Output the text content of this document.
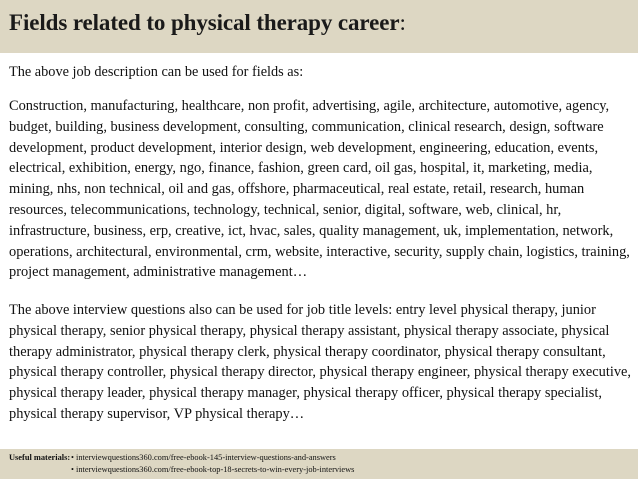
Fields related to physical therapy career:
The above job description can be used for fields as:
Construction, manufacturing, healthcare, non profit, advertising, agile, architecture, automotive, agency, budget, building, business development, consulting, communication, clinical research, design, software development, product development, interior design, web development, engineering, education, events, electrical, exhibition, energy, ngo, finance, fashion, green card, oil gas, hospital, it, marketing, media, mining, nhs, non technical, oil and gas, offshore, pharmaceutical, real estate, retail, research, human resources, telecommunications, technology, technical, senior, digital, software, web, clinical, hr, infrastructure, business, erp, creative, ict, hvac, sales, quality management, uk, implementation, network, operations, architectural, environmental, crm, website, interactive, security, supply chain, logistics, training, project management, administrative management…
The above interview questions also can be used for job title levels: entry level physical therapy, junior physical therapy, senior physical therapy, physical therapy assistant, physical therapy associate, physical therapy administrator, physical therapy clerk, physical therapy coordinator, physical therapy consultant, physical therapy controller, physical therapy director, physical therapy engineer, physical therapy executive, physical therapy leader, physical therapy manager, physical therapy officer, physical therapy specialist, physical therapy supervisor, VP physical therapy…
Useful materials: • interviewquestions360.com/free-ebook-145-interview-questions-and-answers
• interviewquestions360.com/free-ebook-top-18-secrets-to-win-every-job-interviews
